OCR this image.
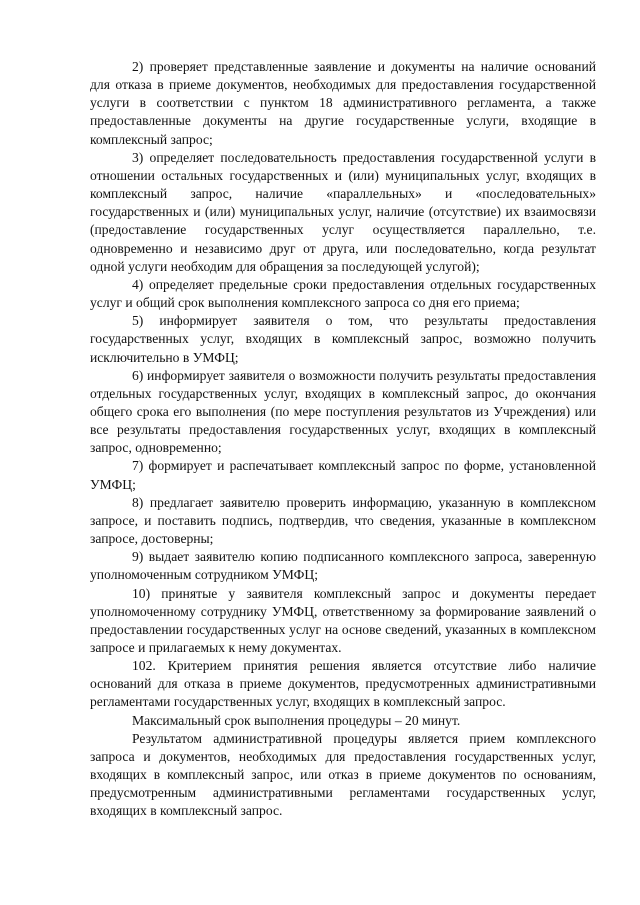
2) проверяет представленные заявление и документы на наличие оснований для отказа в приеме документов, необходимых для предоставления государственной услуги в соответствии с пунктом 18 административного регламента, а также предоставленные документы на другие государственные услуги, входящие в комплексный запрос;

3) определяет последовательность предоставления государственной услуги в отношении остальных государственных и (или) муниципальных услуг, входящих в комплексный запрос, наличие «параллельных» и «последовательных» государственных и (или) муниципальных услуг, наличие (отсутствие) их взаимосвязи (предоставление государственных услуг осуществляется параллельно, т.е. одновременно и независимо друг от друга, или последовательно, когда результат одной услуги необходим для обращения за последующей услугой);

4) определяет предельные сроки предоставления отдельных государственных услуг и общий срок выполнения комплексного запроса со дня его приема;

5) информирует заявителя о том, что результаты предоставления государственных услуг, входящих в комплексный запрос, возможно получить исключительно в УМФЦ;

6) информирует заявителя о возможности получить результаты предоставления отдельных государственных услуг, входящих в комплексный запрос, до окончания общего срока его выполнения (по мере поступления результатов из Учреждения) или все результаты предоставления государственных услуг, входящих в комплексный запрос, одновременно;

7) формирует и распечатывает комплексный запрос по форме, установленной УМФЦ;

8) предлагает заявителю проверить информацию, указанную в комплексном запросе, и поставить подпись, подтвердив, что сведения, указанные в комплексном запросе, достоверны;

9) выдает заявителю копию подписанного комплексного запроса, заверенную уполномоченным сотрудником УМФЦ;

10) принятые у заявителя комплексный запрос и документы передает уполномоченному сотруднику УМФЦ, ответственному за формирование заявлений о предоставлении государственных услуг на основе сведений, указанных в комплексном запросе и прилагаемых к нему документах.

102. Критерием принятия решения является отсутствие либо наличие оснований для отказа в приеме документов, предусмотренных административными регламентами государственных услуг, входящих в комплексный запрос.

Максимальный срок выполнения процедуры – 20 минут.

Результатом административной процедуры является прием комплексного запроса и документов, необходимых для предоставления государственных услуг, входящих в комплексный запрос, или отказ в приеме документов по основаниям, предусмотренным административными регламентами государственных услуг, входящих в комплексный запрос.
